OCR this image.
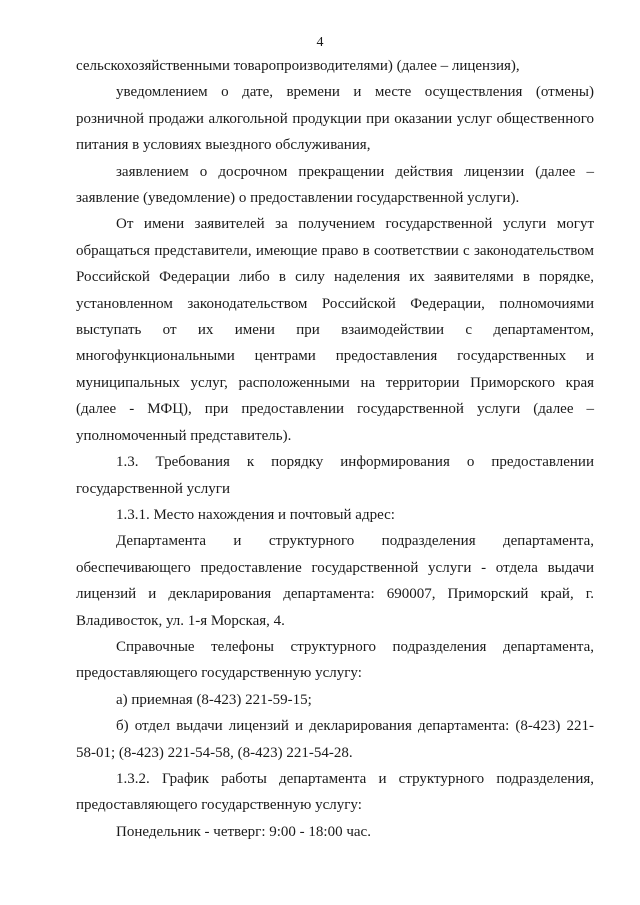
4

сельскохозяйственными товаропроизводителями) (далее – лицензия),

уведомлением о дате, времени и месте осуществления (отмены) розничной продажи алкогольной продукции при оказании услуг общественного питания в условиях выездного обслуживания,

заявлением о досрочном прекращении действия лицензии (далее – заявление (уведомление) о предоставлении государственной услуги).

От имени заявителей за получением государственной услуги могут обращаться представители, имеющие право в соответствии с законодательством Российской Федерации либо в силу наделения их заявителями в порядке, установленном законодательством Российской Федерации, полномочиями выступать от их имени при взаимодействии с департаментом, многофункциональными центрами предоставления государственных и муниципальных услуг, расположенными на территории Приморского края (далее - МФЦ), при предоставлении государственной услуги (далее – уполномоченный представитель).

1.3. Требования к порядку информирования о предоставлении государственной услуги

1.3.1. Место нахождения и почтовый адрес:

Департамента и структурного подразделения департамента, обеспечивающего предоставление государственной услуги - отдела выдачи лицензий и декларирования департамента: 690007, Приморский край, г. Владивосток, ул. 1-я Морская, 4.

Справочные телефоны структурного подразделения департамента, предоставляющего государственную услугу:

а) приемная (8-423) 221-59-15;

б) отдел выдачи лицензий и декларирования департамента: (8-423) 221-58-01; (8-423) 221-54-58, (8-423) 221-54-28.

1.3.2. График работы департамента и структурного подразделения, предоставляющего государственную услугу:

Понедельник - четверг: 9:00 - 18:00 час.
